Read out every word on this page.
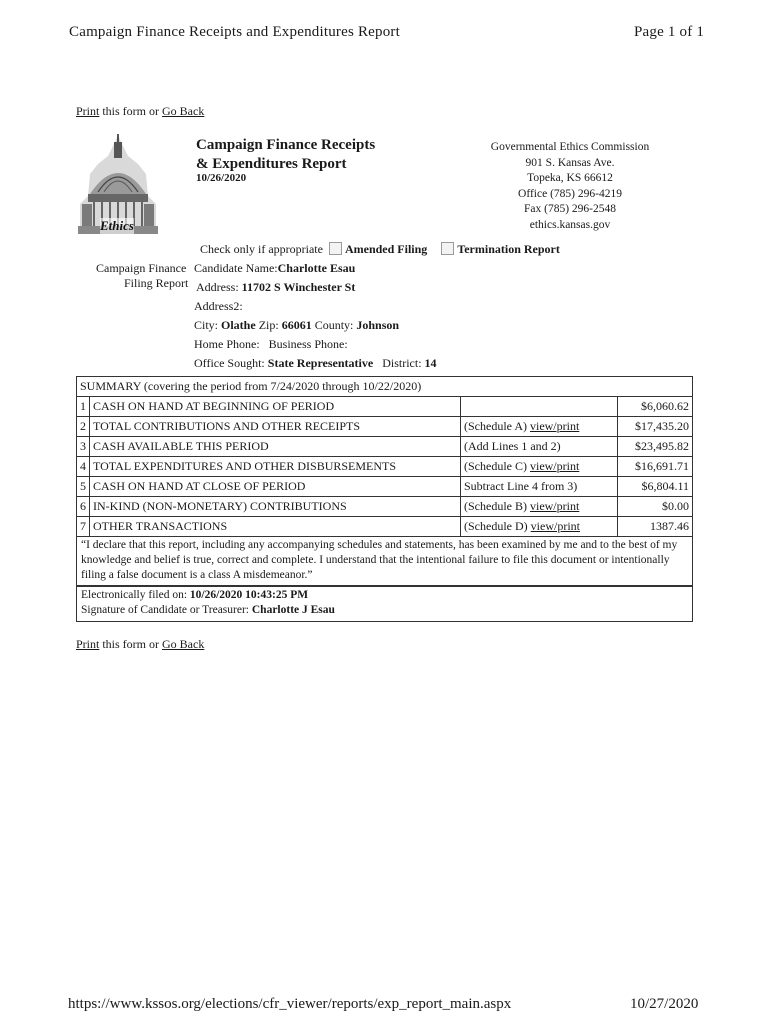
Campaign Finance Receipts and Expenditures Report	Page 1 of 1
Print this form or Go Back
Ethics
Campaign Finance Receipts
& Expenditures Report
10/26/2020
Governmental Ethics Commission
901 S. Kansas Ave.
Topeka, KS 66612
Office (785) 296-4219
Fax (785) 296-2548
ethics.kansas.gov
Check only if appropriate Amended Filing	Termination Report
Campaign Finance
Filing Report
Candidate Name:Charlotte Esau
Address: 11702 S Winchester St
Address2:
City: Olathe Zip: 66061 County: Johnson
Home Phone: Business Phone:
Office Sought: State Representative District: 14
SUMMARY (covering the period from 7/24/2020 through 10/22/2020)			
1	CASH ON HAND AT BEGINNING OF PERIOD		$6,060.62
2	TOTAL CONTRIBUTIONS AND OTHER RECEIPTS	(Schedule A) view/print	$17,435.20
3	CASH AVAILABLE THIS PERIOD	(Add Lines 1 and 2)	$23,495.82
4	TOTAL EXPENDITURES AND OTHER DISBURSEMENTS	(Schedule C) view/print	$16,691.71
5	CASH ON HAND AT CLOSE OF PERIOD	Subtract Line 4 from 3)	$6,804.11
6	IN-KIND (NON-MONETARY) CONTRIBUTIONS	(Schedule B) view/print	$0.00
7	OTHER TRANSACTIONS	(Schedule D) view/print	1387.46
“I declare that this report, including any accompanying schedules and statements, has been examined by me and to the best of my knowledge and belief is true, correct and complete. I understand that the intentional failure to file this document or intentionally filing a false document is a class A misdemeanor.”
Electronically filed on: 10/26/2020 10:43:25 PM
Signature of Candidate or Treasurer: Charlotte J Esau
Print this form or Go Back
https://www.kssos.org/elections/cfr_viewer/reports/exp_report_main.aspx	10/27/2020
